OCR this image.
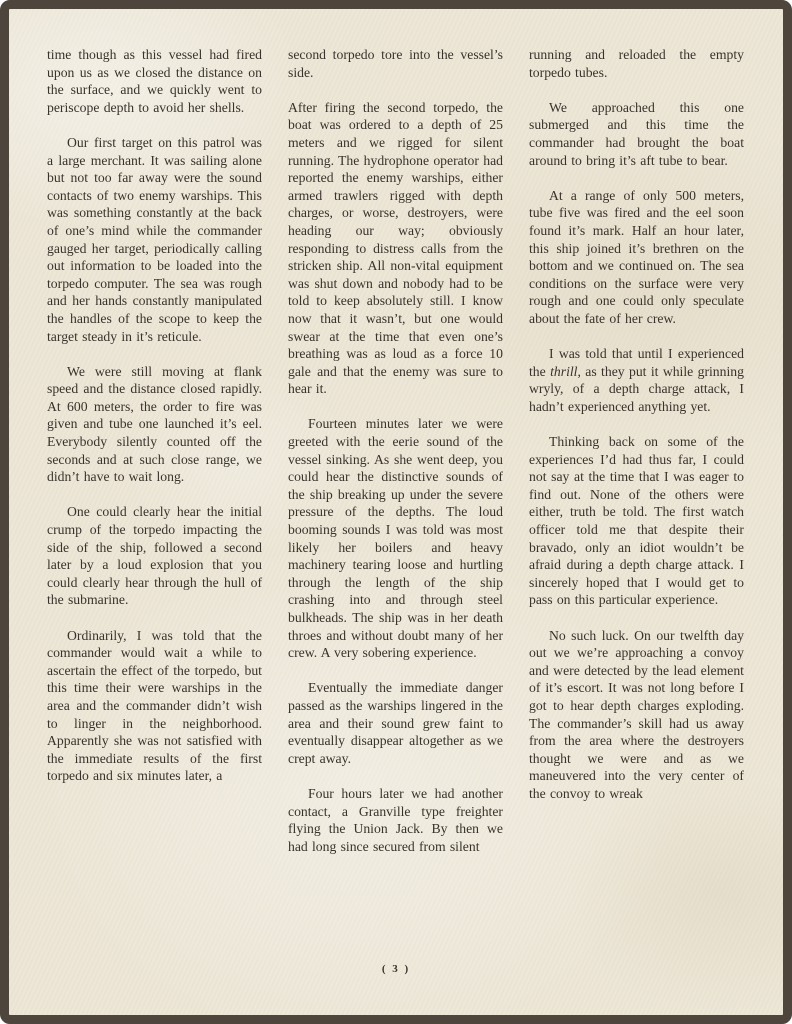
time though as this vessel had fired upon us as we closed the distance on the surface, and we quickly went to periscope depth to avoid her shells.

Our first target on this patrol was a large merchant. It was sailing alone but not too far away were the sound contacts of two enemy warships. This was something constantly at the back of one’s mind while the commander gauged her target, periodically calling out information to be loaded into the torpedo computer. The sea was rough and her hands constantly manipulated the handles of the scope to keep the target steady in it’s reticule.

We were still moving at flank speed and the distance closed rapidly. At 600 meters, the order to fire was given and tube one launched it’s eel. Everybody silently counted off the seconds and at such close range, we didn’t have to wait long.

One could clearly hear the initial crump of the torpedo impacting the side of the ship, followed a second later by a loud explosion that you could clearly hear through the hull of the submarine.

Ordinarily, I was told that the commander would wait a while to ascertain the effect of the torpedo, but this time their were warships in the area and the commander didn’t wish to linger in the neighborhood. Apparently she was not satisfied with the immediate results of the first torpedo and six minutes later, a

second torpedo tore into the vessel’s side.

After firing the second torpedo, the boat was ordered to a depth of 25 meters and we rigged for silent running. The hydrophone operator had reported the enemy warships, either armed trawlers rigged with depth charges, or worse, destroyers, were heading our way; obviously responding to distress calls from the stricken ship. All non-vital equipment was shut down and nobody had to be told to keep absolutely still. I know now that it wasn’t, but one would swear at the time that even one’s breathing was as loud as a force 10 gale and that the enemy was sure to hear it.

Fourteen minutes later we were greeted with the eerie sound of the vessel sinking. As she went deep, you could hear the distinctive sounds of the ship breaking up under the severe pressure of the depths. The loud booming sounds I was told was most likely her boilers and heavy machinery tearing loose and hurtling through the length of the ship crashing into and through steel bulkheads. The ship was in her death throes and without doubt many of her crew. A very sobering experience.

Eventually the immediate danger passed as the warships lingered in the area and their sound grew faint to eventually disappear altogether as we crept away.

Four hours later we had another contact, a Granville type freighter flying the Union Jack. By then we had long since secured from silent

running and reloaded the empty torpedo tubes.

We approached this one submerged and this time the commander had brought the boat around to bring it’s aft tube to bear.

At a range of only 500 meters, tube five was fired and the eel soon found it’s mark. Half an hour later, this ship joined it’s brethren on the bottom and we continued on. The sea conditions on the surface were very rough and one could only speculate about the fate of her crew.

I was told that until I experienced the thrill, as they put it while grinning wryly, of a depth charge attack, I hadn’t experienced anything yet.

Thinking back on some of the experiences I’d had thus far, I could not say at the time that I was eager to find out. None of the others were either, truth be told. The first watch officer told me that despite their bravado, only an idiot wouldn’t be afraid during a depth charge attack. I sincerely hoped that I would get to pass on this particular experience.

No such luck. On our twelfth day out we we’re approaching a convoy and were detected by the lead element of it’s escort. It was not long before I got to hear depth charges exploding. The commander’s skill had us away from the area where the destroyers thought we were and as we maneuvered into the very center of the convoy to wreak

( 3 )
